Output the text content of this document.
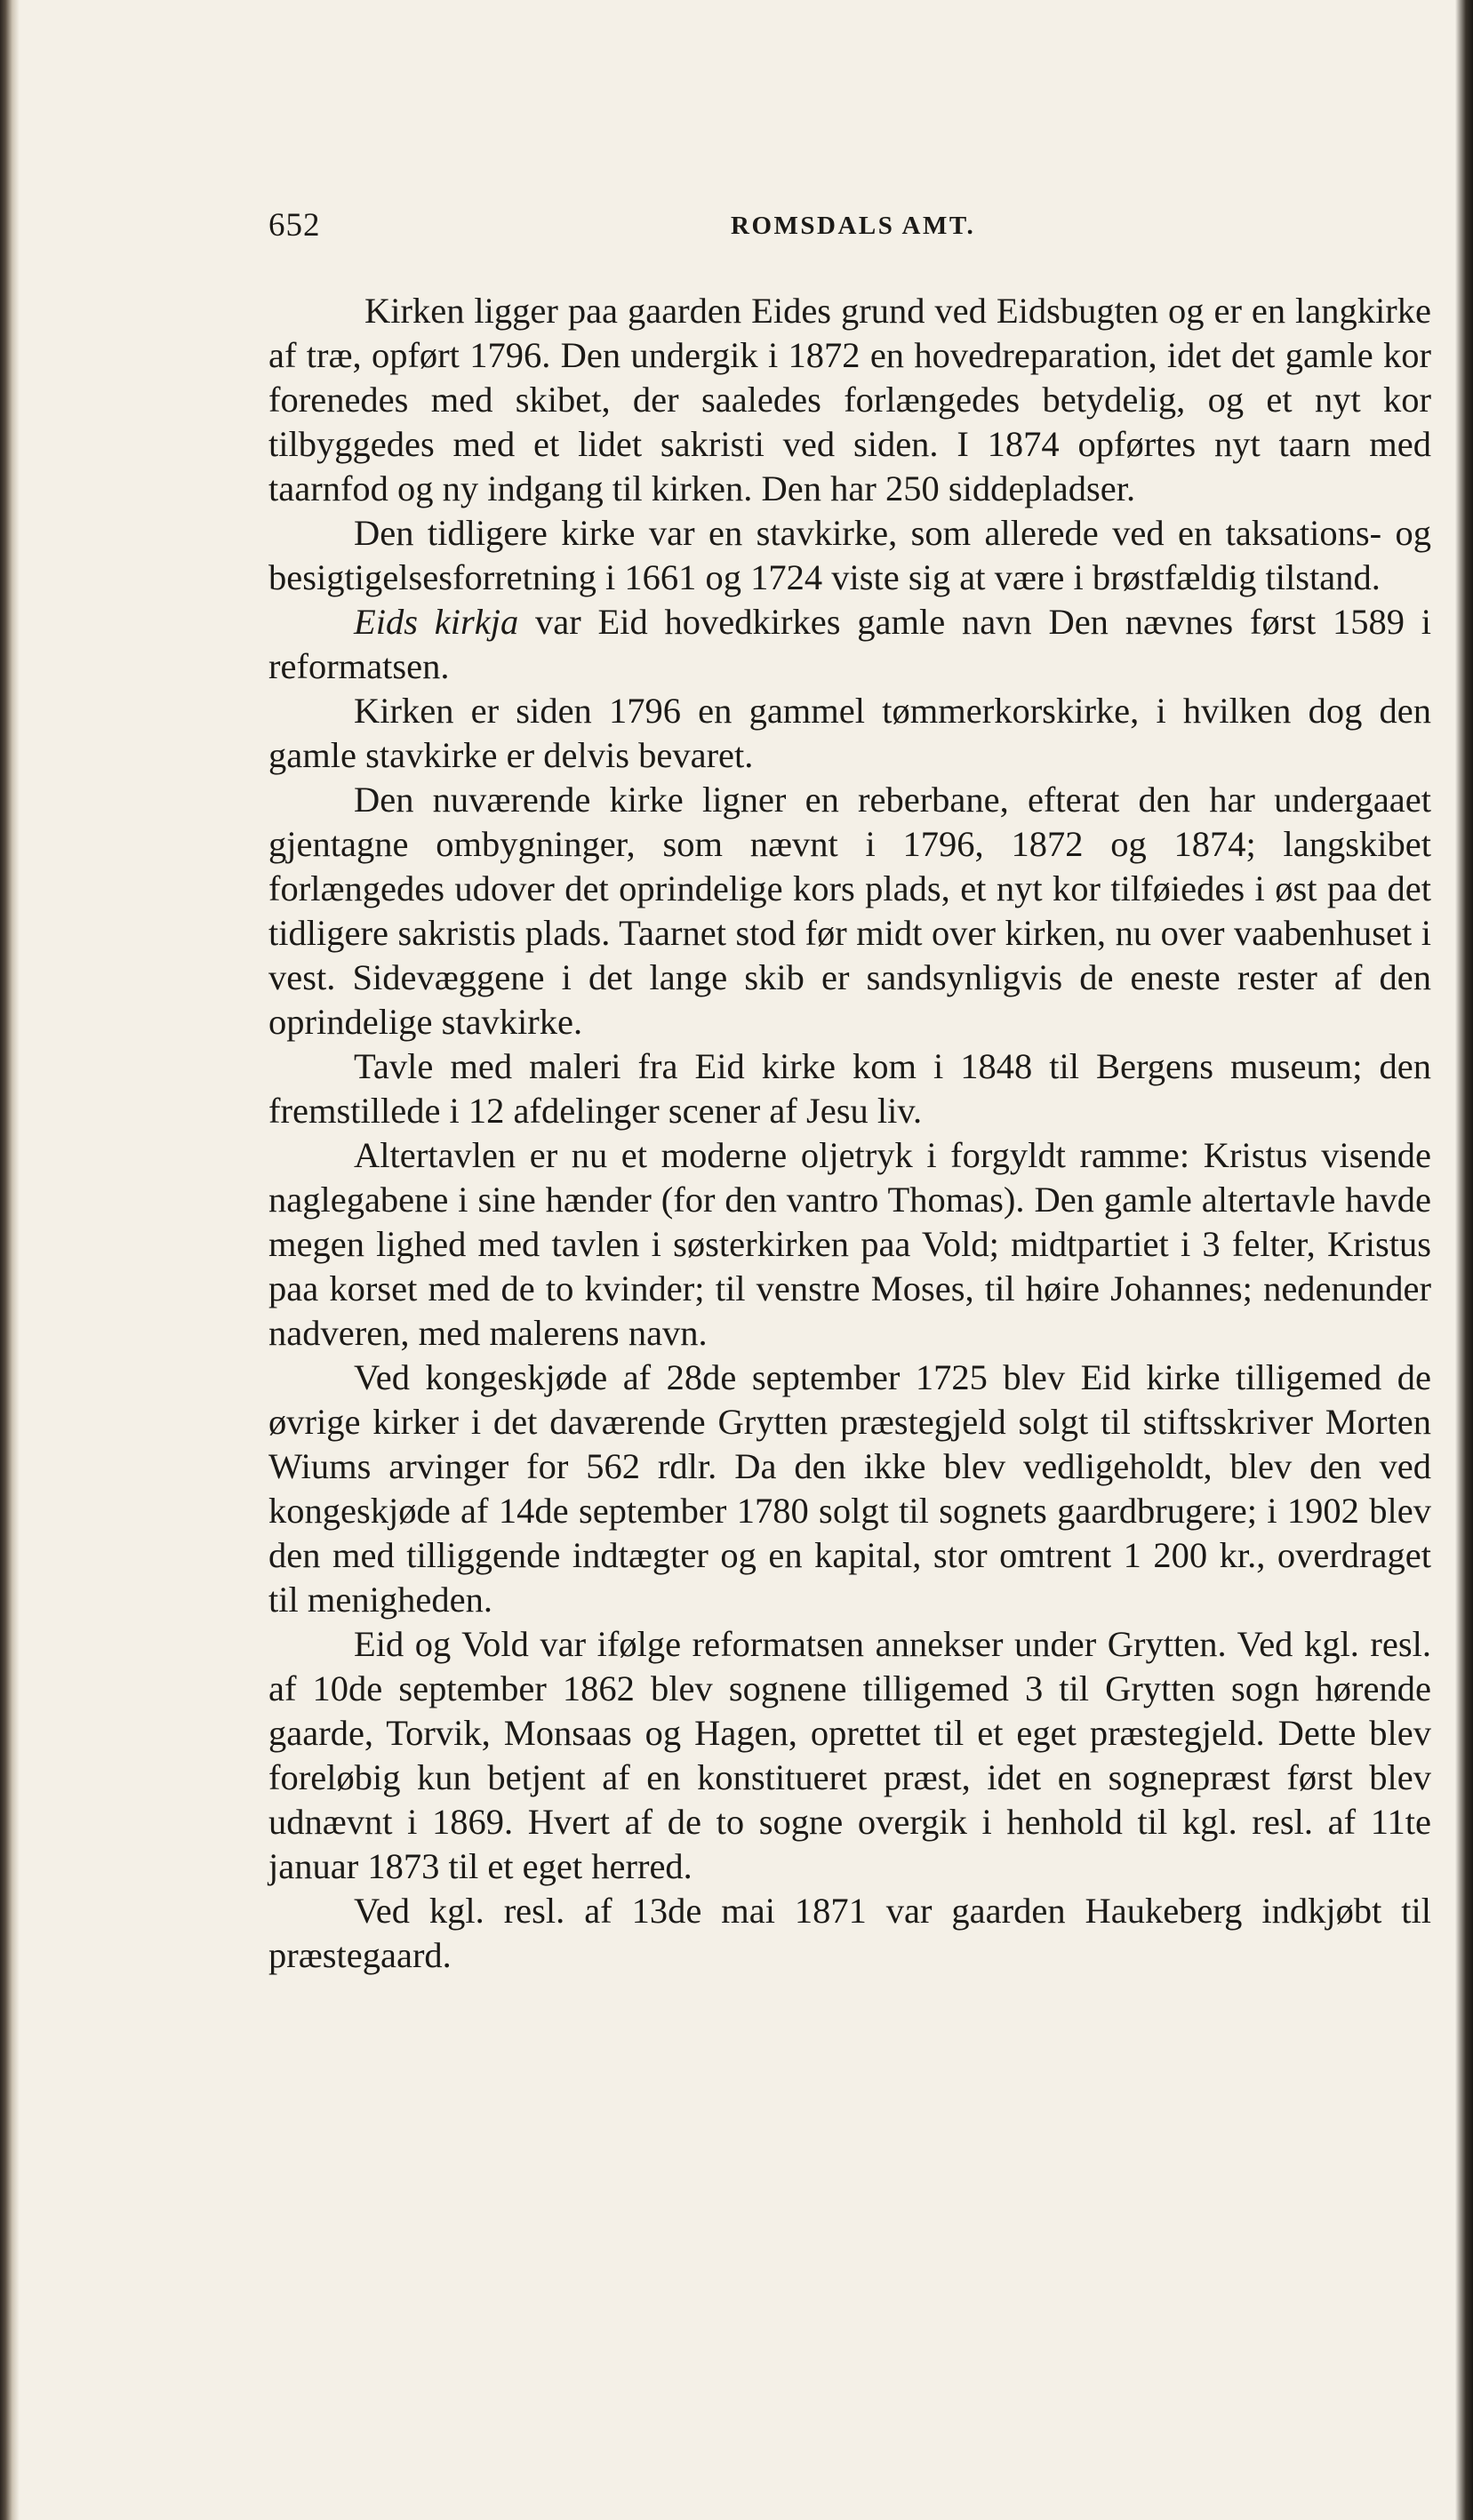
652	ROMSDALS AMT.

Kirken ligger paa gaarden Eides grund ved Eidsbugten og er en langkirke af træ, opført 1796. Den undergik i 1872 en hovedreparation, idet det gamle kor forenedes med skibet, der saaledes forlængedes betydelig, og et nyt kor tilbyggedes med et lidet sakristi ved siden. I 1874 opførtes nyt taarn med taarnfod og ny indgang til kirken. Den har 250 siddepladser.

Den tidligere kirke var en stavkirke, som allerede ved en taksations- og besigtigelsesforretning i 1661 og 1724 viste sig at være i brøstfældig tilstand.

Eids kirkja var Eid hovedkirkes gamle navn Den nævnes først 1589 i reformatsen.

Kirken er siden 1796 en gammel tømmerkorskirke, i hvilken dog den gamle stavkirke er delvis bevaret.

Den nuværende kirke ligner en reberbane, efterat den har undergaaet gjentagne ombygninger, som nævnt i 1796, 1872 og 1874; langskibet forlængedes udover det oprindelige kors plads, et nyt kor tilføiedes i øst paa det tidligere sakristis plads. Taarnet stod før midt over kirken, nu over vaabenhuset i vest. Sidevæggene i det lange skib er sandsynligvis de eneste rester af den oprindelige stavkirke.

Tavle med maleri fra Eid kirke kom i 1848 til Bergens museum; den fremstillede i 12 afdelinger scener af Jesu liv.

Altertavlen er nu et moderne oljetryk i forgyldt ramme: Kristus visende naglegabene i sine hænder (for den vantro Thomas). Den gamle altertavle havde megen lighed med tavlen i søsterkirken paa Vold; midtpartiet i 3 felter, Kristus paa korset med de to kvinder; til venstre Moses, til høire Johannes; nedenunder nadveren, med malerens navn.

Ved kongeskjøde af 28de september 1725 blev Eid kirke tilligemed de øvrige kirker i det daværende Grytten præstegjeld solgt til stiftsskriver Morten Wiums arvinger for 562 rdlr. Da den ikke blev vedligeholdt, blev den ved kongeskjøde af 14de september 1780 solgt til sognets gaardbrugere; i 1902 blev den med tilliggende indtægter og en kapital, stor omtrent 1 200 kr., overdraget til menigheden.

Eid og Vold var ifølge reformatsen annekser under Grytten. Ved kgl. resl. af 10de september 1862 blev sognene tilligemed 3 til Grytten sogn hørende gaarde, Torvik, Monsaas og Hagen, oprettet til et eget præstegjeld. Dette blev foreløbig kun betjent af en konstitueret præst, idet en sognepræst først blev udnævnt i 1869. Hvert af de to sogne overgik i henhold til kgl. resl. af 11te januar 1873 til et eget herred.

Ved kgl. resl. af 13de mai 1871 var gaarden Haukeberg indkjøbt til præstegaard.
